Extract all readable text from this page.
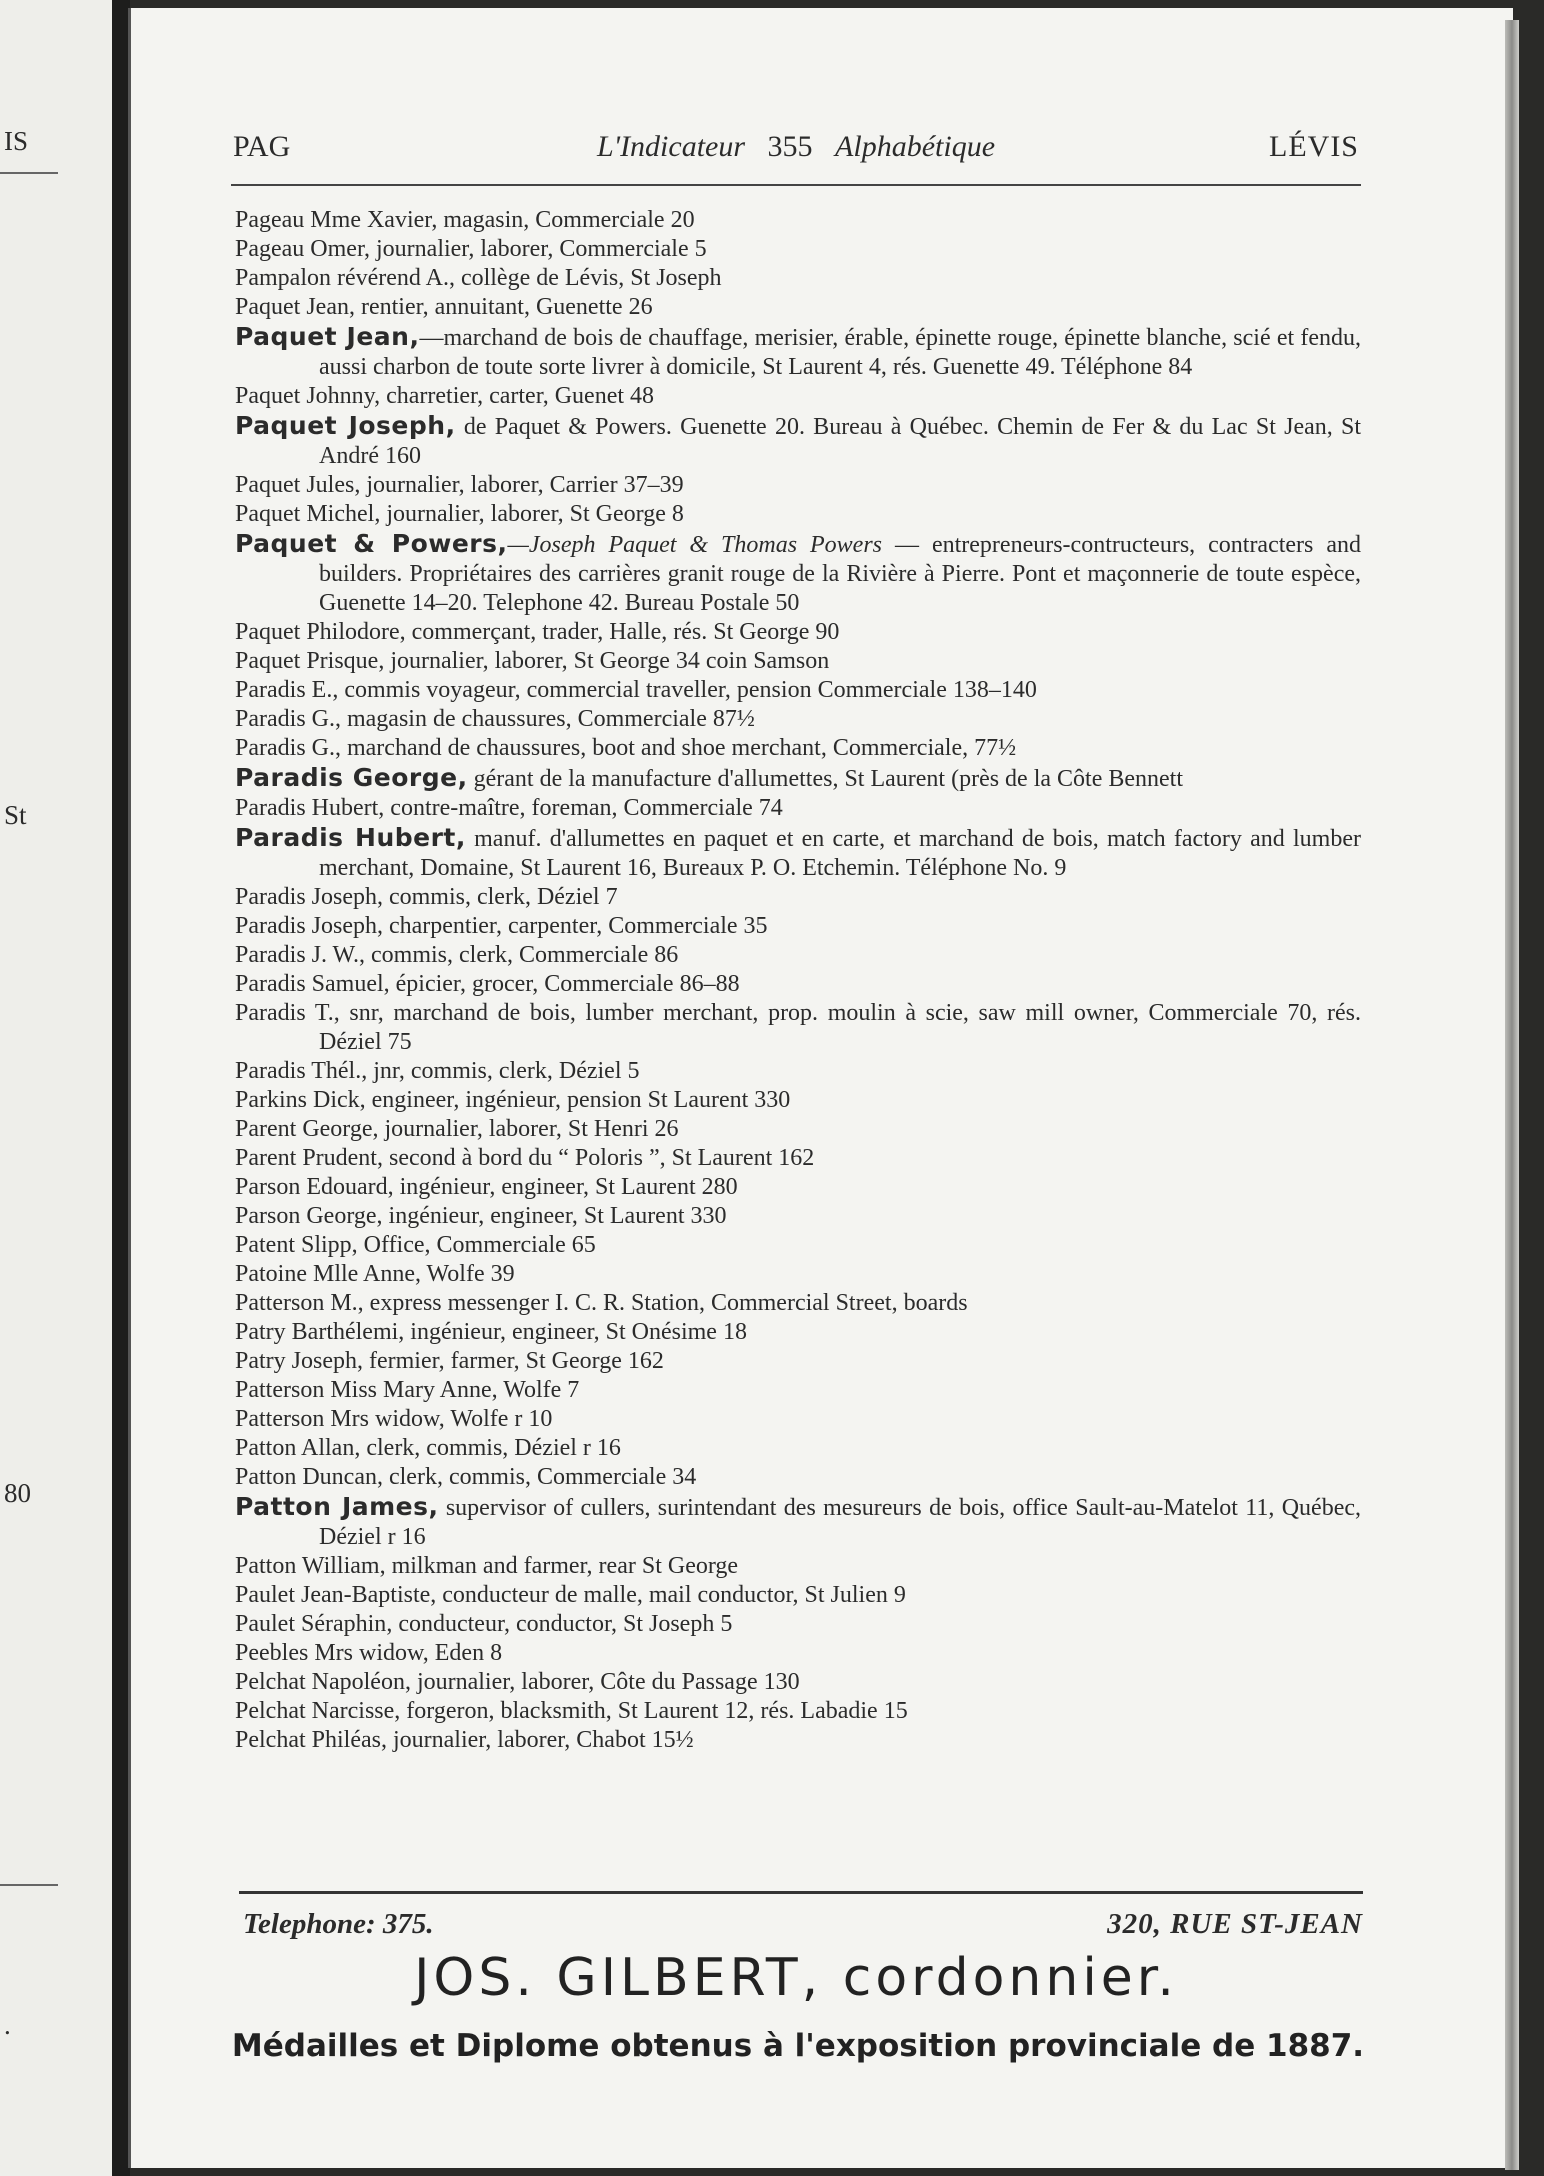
IS
St
80
.
PAG	L'Indicateur 355 Alphabétique	LÉVIS
Pageau Mme Xavier, magasin, Commerciale 20
Pageau Omer, journalier, laborer, Commerciale 5
Pampalon révérend A., collège de Lévis, St Joseph
Paquet Jean, rentier, annuitant, Guenette 26
Paquet Jean,—marchand de bois de chauffage, merisier, érable, épinette rouge, épinette blanche, scié et fendu, aussi charbon de toute sorte livrer à domicile, St Laurent 4, rés. Guenette 49. Téléphone 84
Paquet Johnny, charretier, carter, Guenet 48
Paquet Joseph, de Paquet & Powers. Guenette 20. Bureau à Québec. Chemin de Fer & du Lac St Jean, St André 160
Paquet Jules, journalier, laborer, Carrier 37–39
Paquet Michel, journalier, laborer, St George 8
Paquet & Powers,—Joseph Paquet & Thomas Powers — entrepreneurs-contructeurs, contracters and builders. Propriétaires des carrières granit rouge de la Rivière à Pierre. Pont et maçonnerie de toute espèce, Guenette 14–20. Telephone 42. Bureau Postale 50
Paquet Philodore, commerçant, trader, Halle, rés. St George 90
Paquet Prisque, journalier, laborer, St George 34 coin Samson
Paradis E., commis voyageur, commercial traveller, pension Commerciale 138–140
Paradis G., magasin de chaussures, Commerciale 87½
Paradis G., marchand de chaussures, boot and shoe merchant, Commerciale, 77½
Paradis George, gérant de la manufacture d'allumettes, St Laurent (près de la Côte Bennett
Paradis Hubert, contre-maître, foreman, Commerciale 74
Paradis Hubert, manuf. d'allumettes en paquet et en carte, et marchand de bois, match factory and lumber merchant, Domaine, St Laurent 16, Bureaux P. O. Etchemin. Téléphone No. 9
Paradis Joseph, commis, clerk, Déziel 7
Paradis Joseph, charpentier, carpenter, Commerciale 35
Paradis J. W., commis, clerk, Commerciale 86
Paradis Samuel, épicier, grocer, Commerciale 86–88
Paradis T., snr, marchand de bois, lumber merchant, prop. moulin à scie, saw mill owner, Commerciale 70, rés. Déziel 75
Paradis Thél., jnr, commis, clerk, Déziel 5
Parkins Dick, engineer, ingénieur, pension St Laurent 330
Parent George, journalier, laborer, St Henri 26
Parent Prudent, second à bord du “ Poloris ”, St Laurent 162
Parson Edouard, ingénieur, engineer, St Laurent 280
Parson George, ingénieur, engineer, St Laurent 330
Patent Slipp, Office, Commerciale 65
Patoine Mlle Anne, Wolfe 39
Patterson M., express messenger I. C. R. Station, Commercial Street, boards
Patry Barthélemi, ingénieur, engineer, St Onésime 18
Patry Joseph, fermier, farmer, St George 162
Patterson Miss Mary Anne, Wolfe 7
Patterson Mrs widow, Wolfe r 10
Patton Allan, clerk, commis, Déziel r 16
Patton Duncan, clerk, commis, Commerciale 34
Patton James, supervisor of cullers, surintendant des mesureurs de bois, office Sault-au-Matelot 11, Québec, Déziel r 16
Patton William, milkman and farmer, rear St George
Paulet Jean-Baptiste, conducteur de malle, mail conductor, St Julien 9
Paulet Séraphin, conducteur, conductor, St Joseph 5
Peebles Mrs widow, Eden 8
Pelchat Napoléon, journalier, laborer, Côte du Passage 130
Pelchat Narcisse, forgeron, blacksmith, St Laurent 12, rés. Labadie 15
Pelchat Philéas, journalier, laborer, Chabot 15½
Telephone: 375.	320, RUE ST-JEAN
JOS. GILBERT, cordonnier.
Médailles et Diplome obtenus à l'exposition provinciale de 1887.
